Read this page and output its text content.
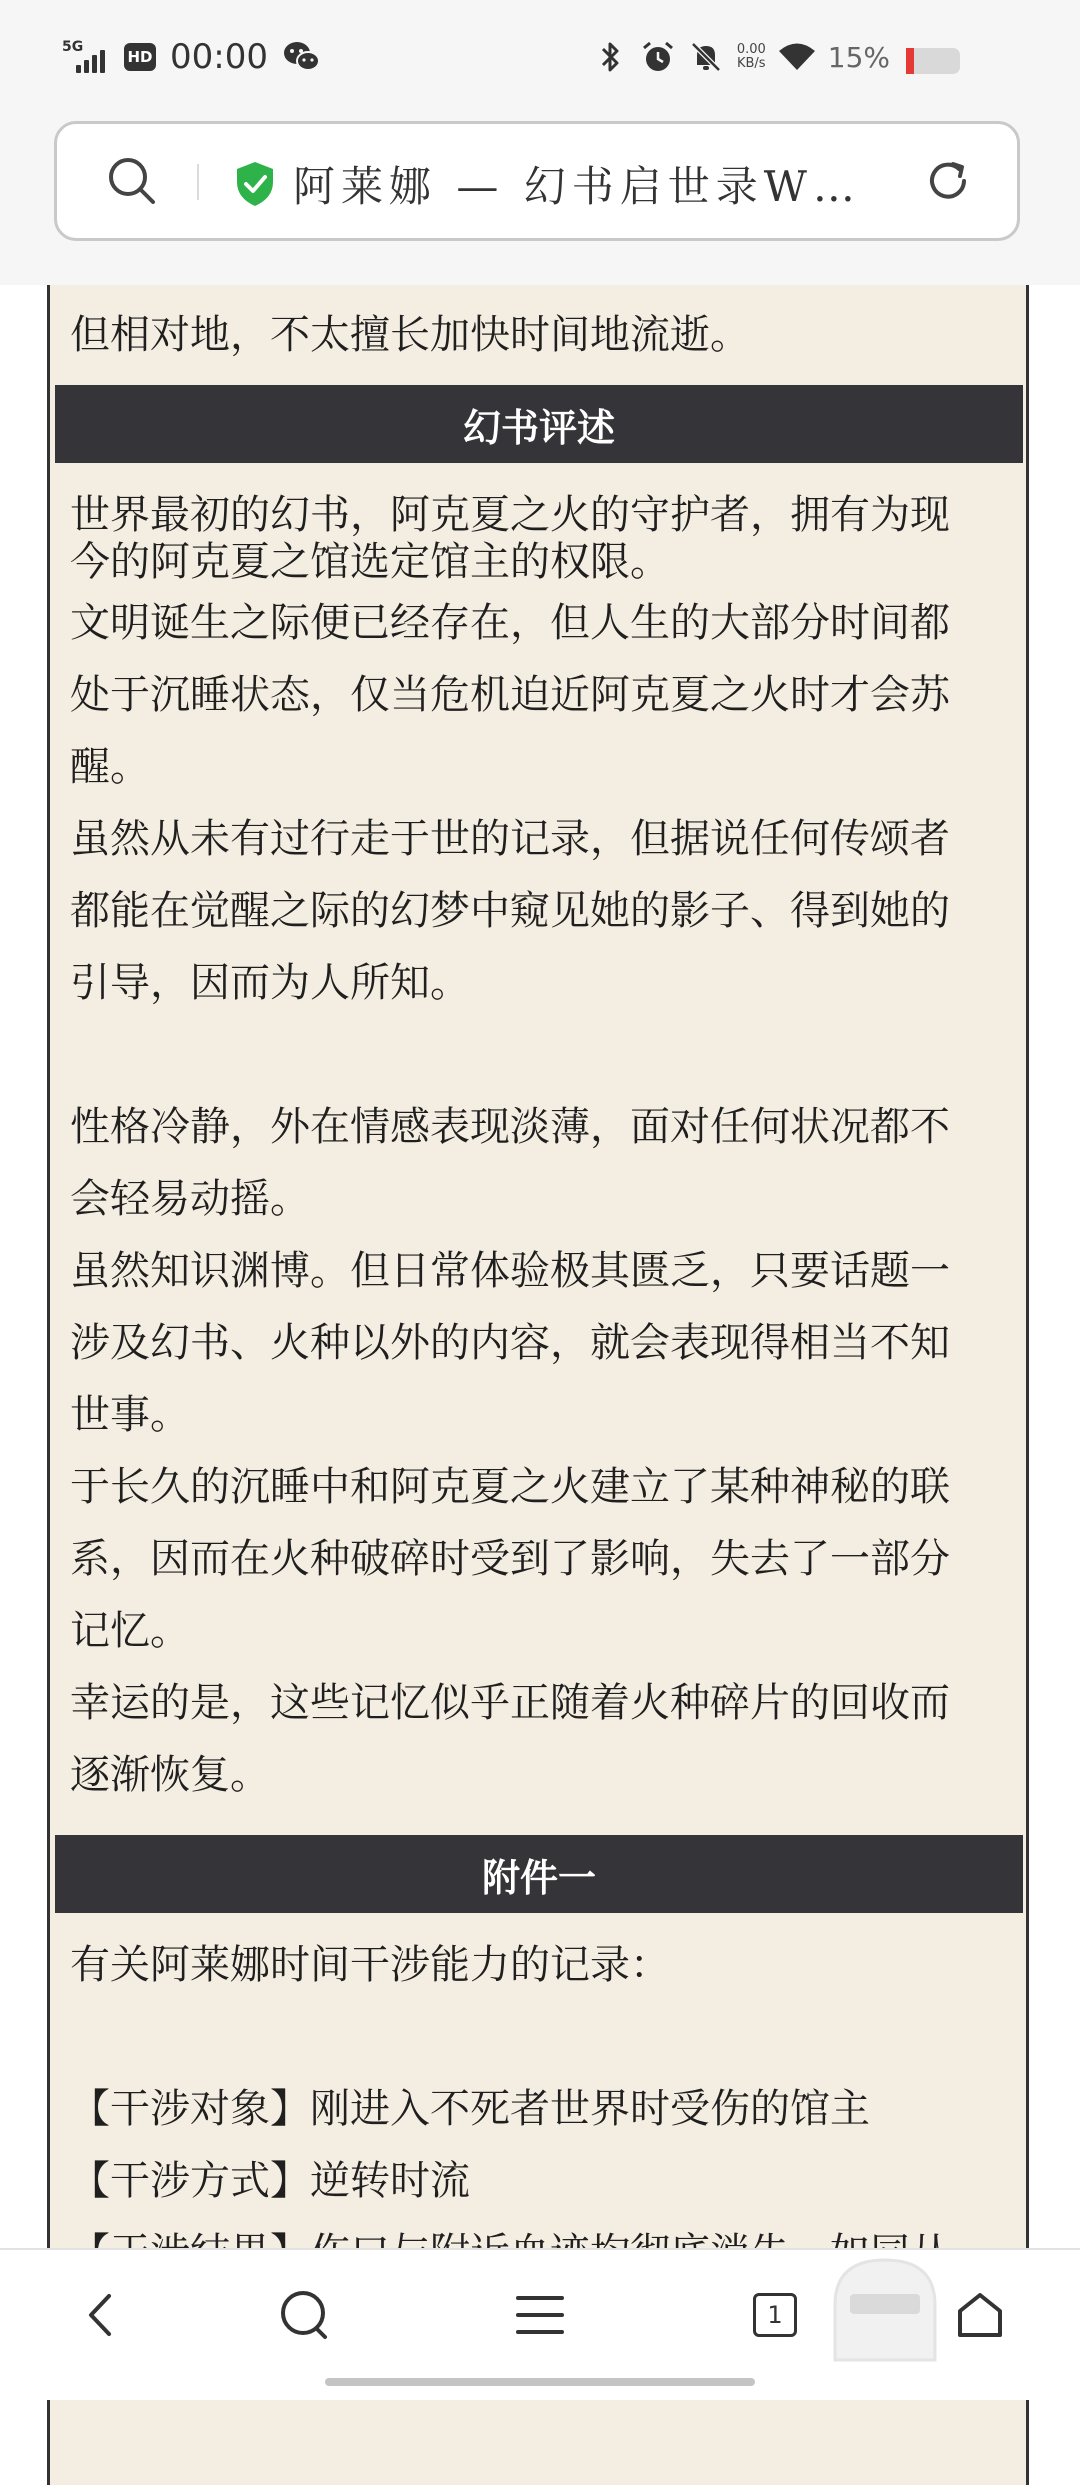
5G
HD 00:00	0.00
KB/s 15%
阿莱娜 — 幻书启世录W…
但相对地，不太擅长加快时间地流逝。
幻书评述
世界最初的幻书，阿克夏之火的守护者，拥有为现
今的阿克夏之馆选定馆主的权限。
文明诞生之际便已经存在，但人生的大部分时间都
处于沉睡状态，仅当危机迫近阿克夏之火时才会苏
醒。
虽然从未有过行走于世的记录，但据说任何传颂者
都能在觉醒之际的幻梦中窥见她的影子、得到她的
引导，因而为人所知。
性格冷静，外在情感表现淡薄，面对任何状况都不
会轻易动摇。
虽然知识渊博。但日常体验极其匮乏，只要话题一
涉及幻书、火种以外的内容，就会表现得相当不知
世事。
于长久的沉睡中和阿克夏之火建立了某种神秘的联
系，因而在火种破碎时受到了影响，失去了一部分
记忆。
幸运的是，这些记忆似乎正随着火种碎片的回收而
逐渐恢复。
附件一
有关阿莱娜时间干涉能力的记录：
【干涉对象】刚进入不死者世界时受伤的馆主
【干涉方式】逆转时流
1
